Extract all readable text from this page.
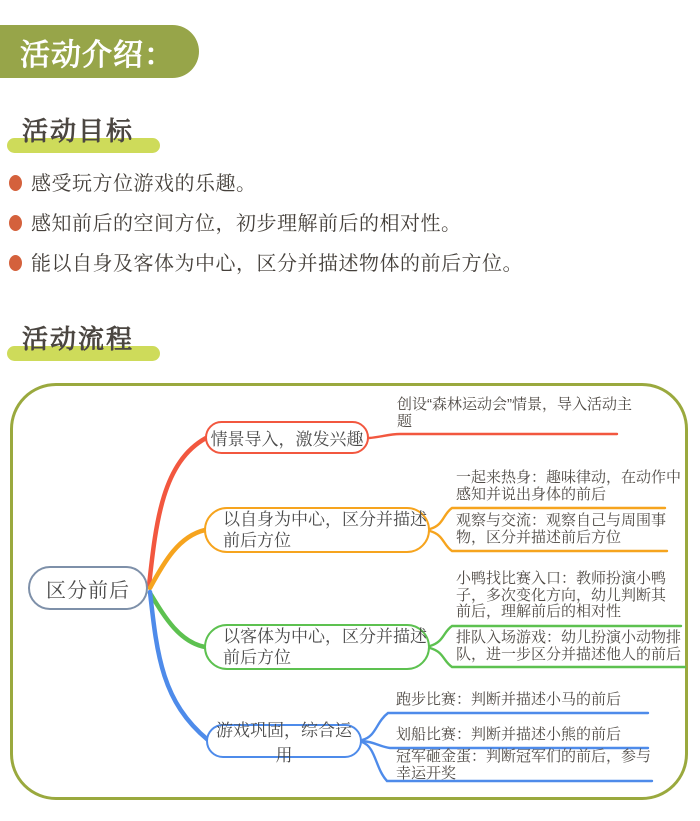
活动介绍：
活动目标
感受玩方位游戏的乐趣。
感知前后的空间方位，初步理解前后的相对性。
能以自身及客体为中心，区分并描述物体的前后方位。
活动流程
区分前后
情景导入，激发兴趣
以自身为中心，区分并描述前后方位
以客体为中心，区分并描述前后方位
游戏巩固，综合运用
创设“森林运动会”情景，导入活动主题
一起来热身：趣味律动，在动作中感知并说出身体的前后
观察与交流：观察自己与周围事物，区分并描述前后方位
小鸭找比赛入口：教师扮演小鸭子，多次变化方向，幼儿判断其前后，理解前后的相对性
排队入场游戏：幼儿扮演小动物排队，进一步区分并描述他人的前后
跑步比赛：判断并描述小马的前后
划船比赛：判断并描述小熊的前后
冠军砸金蛋：判断冠军们的前后，参与幸运开奖
